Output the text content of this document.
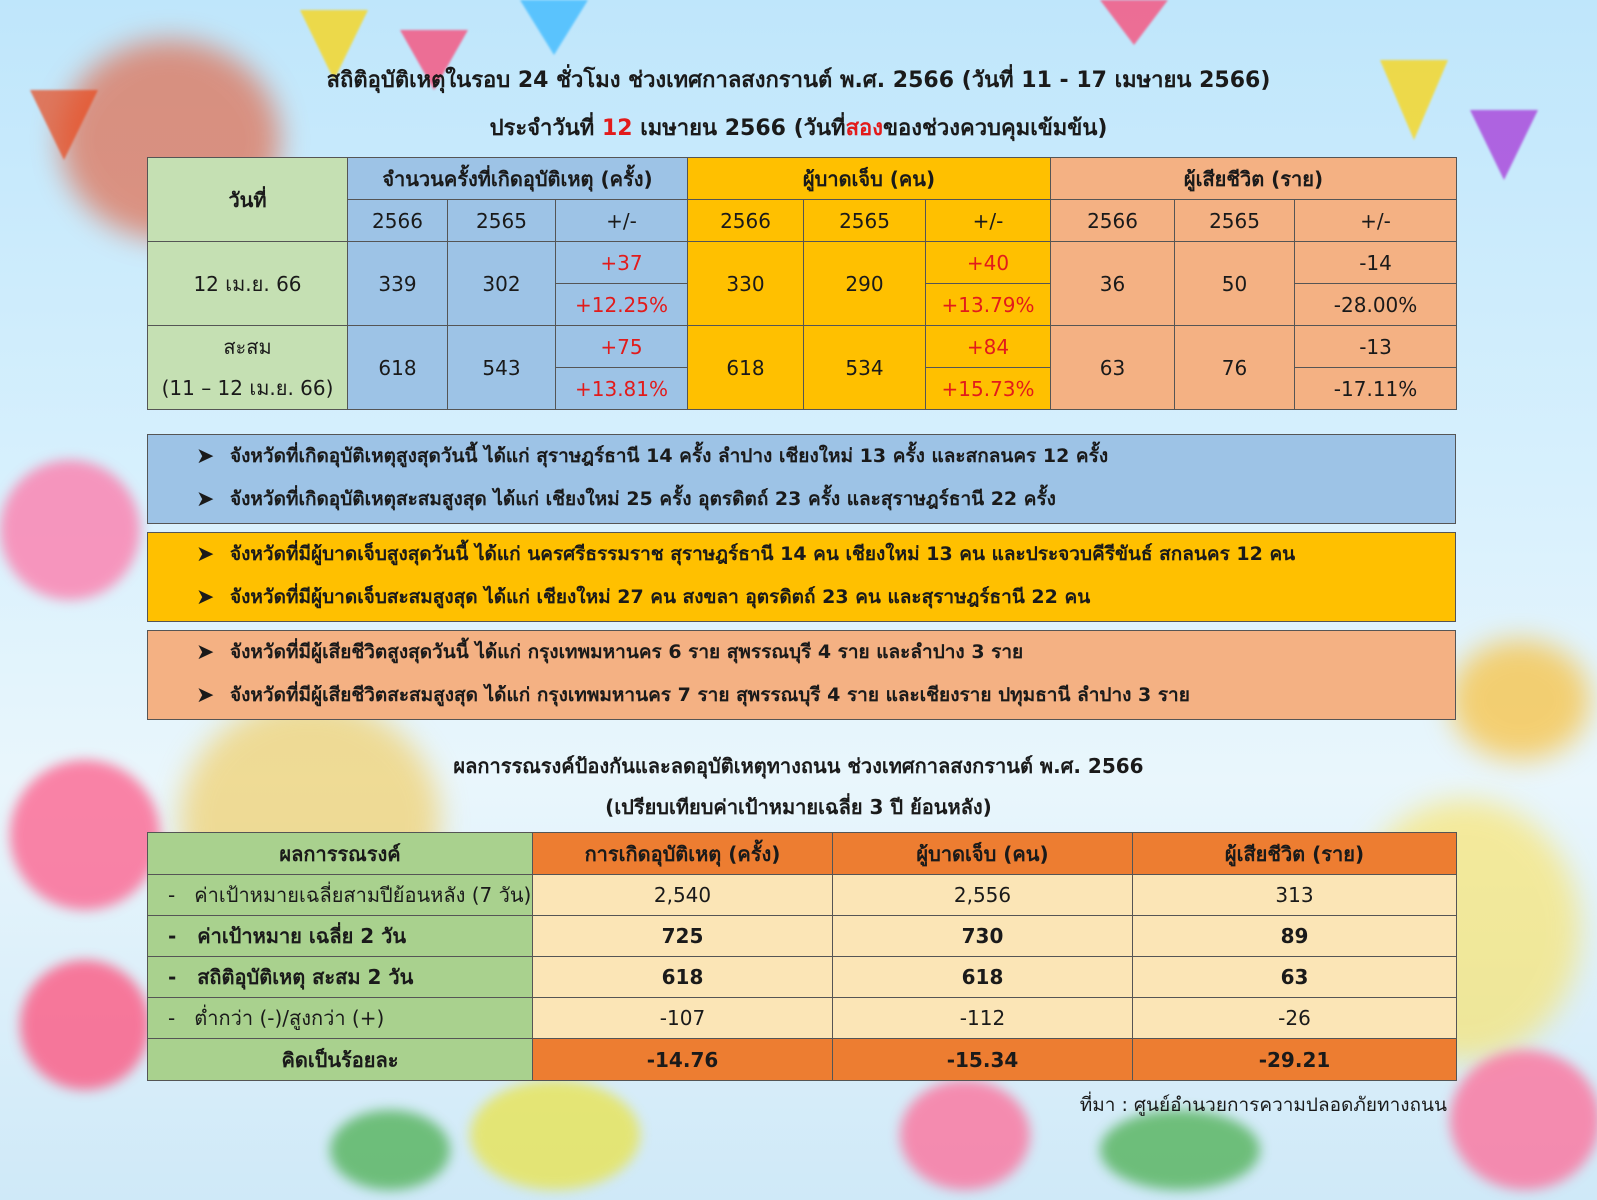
สถิติอุบัติเหตุในรอบ 24 ชั่วโมง ช่วงเทศกาลสงกรานต์ พ.ศ. 2566 (วันที่ 11 - 17 เมษายน 2566)
ประจำวันที่ 12 เมษายน 2566 (วันที่สองของช่วงควบคุมเข้มข้น)
วันที่	จำนวนครั้งที่เกิดอุบัติเหตุ (ครั้ง)			ผู้บาดเจ็บ (คน)			ผู้เสียชีวิต (ราย)		
	2566	2565	+/-	2566	2565	+/-	2566	2565	+/-
12 เม.ย. 66	339	302	+37	330	290	+40	36	50	-14
			+12.25%			+13.79%			-28.00%
สะสม	618	543	+75	618	534	+84	63	76	-13
(11 – 12 เม.ย. 66)			+13.81%			+15.73%			-17.11%
➤ จังหวัดที่เกิดอุบัติเหตุสูงสุดวันนี้ ได้แก่ สุราษฎร์ธานี 14 ครั้ง ลำปาง เชียงใหม่ 13 ครั้ง และสกลนคร 12 ครั้ง
➤ จังหวัดที่เกิดอุบัติเหตุสะสมสูงสุด ได้แก่ เชียงใหม่ 25 ครั้ง อุตรดิตถ์ 23 ครั้ง และสุราษฎร์ธานี 22 ครั้ง
➤ จังหวัดที่มีผู้บาดเจ็บสูงสุดวันนี้ ได้แก่ นครศรีธรรมราช สุราษฎร์ธานี 14 คน เชียงใหม่ 13 คน และประจวบคีรีขันธ์ สกลนคร 12 คน
➤ จังหวัดที่มีผู้บาดเจ็บสะสมสูงสุด ได้แก่ เชียงใหม่ 27 คน สงขลา อุตรดิตถ์ 23 คน และสุราษฎร์ธานี 22 คน
➤ จังหวัดที่มีผู้เสียชีวิตสูงสุดวันนี้ ได้แก่ กรุงเทพมหานคร 6 ราย สุพรรณบุรี 4 ราย และลำปาง 3 ราย
➤ จังหวัดที่มีผู้เสียชีวิตสะสมสูงสุด ได้แก่ กรุงเทพมหานคร 7 ราย สุพรรณบุรี 4 ราย และเชียงราย ปทุมธานี ลำปาง 3 ราย
ผลการรณรงค์ป้องกันและลดอุบัติเหตุทางถนน ช่วงเทศกาลสงกรานต์ พ.ศ. 2566
(เปรียบเทียบค่าเป้าหมายเฉลี่ย 3 ปี ย้อนหลัง)
ผลการรณรงค์	การเกิดอุบัติเหตุ (ครั้ง)	ผู้บาดเจ็บ (คน)	ผู้เสียชีวิต (ราย)
- ค่าเป้าหมายเฉลี่ยสามปีย้อนหลัง (7 วัน)	2,540	2,556	313
- ค่าเป้าหมาย เฉลี่ย 2 วัน	725	730	89
- สถิติอุบัติเหตุ สะสม 2 วัน	618	618	63
- ต่ำกว่า (-)/สูงกว่า (+)	-107	-112	-26
คิดเป็นร้อยละ	-14.76	-15.34	-29.21
ที่มา : ศูนย์อำนวยการความปลอดภัยทางถนน
